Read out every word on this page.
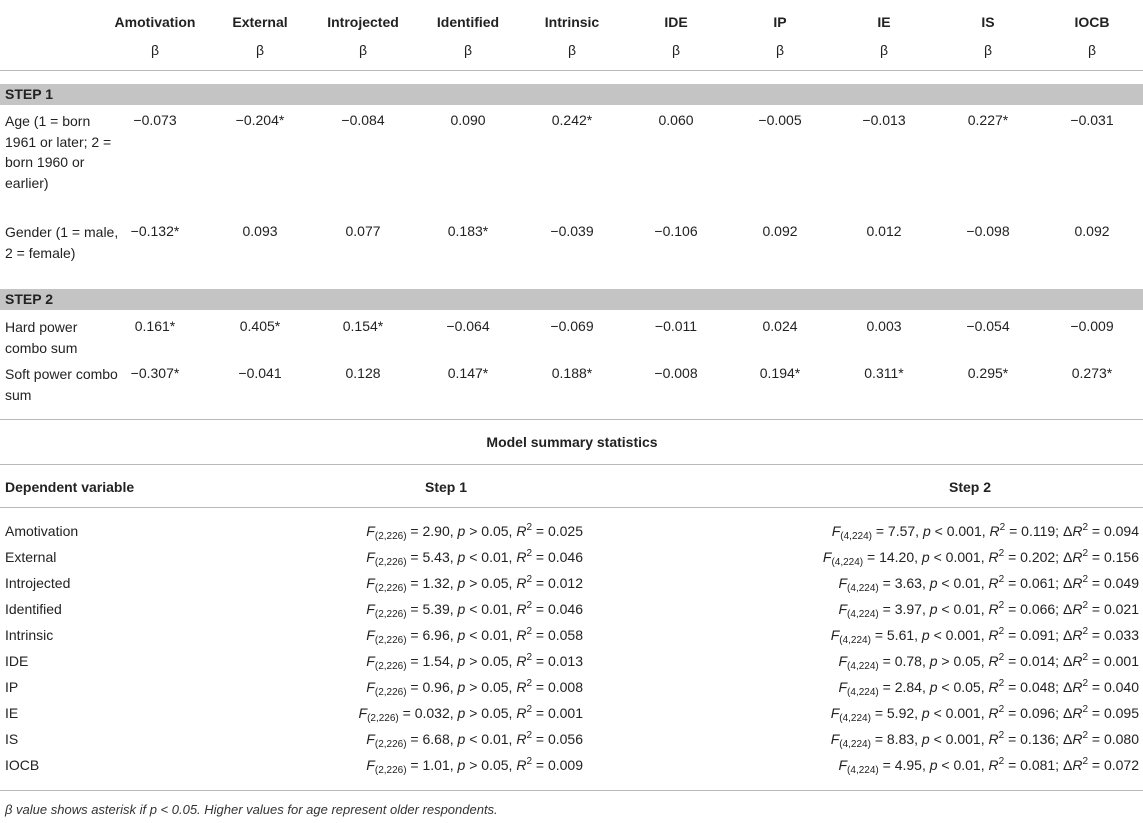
Amotivation	External	Introjected	Identified	Intrinsic	IDE	IP	IE	IS	IOCB
β	β	β	β	β	β	β	β	β	β
STEP 1
Age (1 = born 1961 or later; 2 = born 1960 or earlier)
−0.073	−0.204*	−0.084	0.090	0.242*	0.060	−0.005	−0.013	0.227*	−0.031
Gender (1 = male, 2 = female)
−0.132*	0.093	0.077	0.183*	−0.039	−0.106	0.092	0.012	−0.098	0.092
STEP 2
Hard power combo sum
0.161*	0.405*	0.154*	−0.064	−0.069	−0.011	0.024	0.003	−0.054	−0.009
Soft power combo sum
−0.307*	−0.041	0.128	0.147*	0.188*	−0.008	0.194*	0.311*	0.295*	0.273*
Model summary statistics
Dependent variable	Step 1	Step 2
Amotivation	$F_{(2,226)} = 2.90$, p > 0.05, $R^2 = 0.025$	$F_{(4,224)} = 7.57$, p < 0.001, $R^2 = 0.119$; $\Delta R^2 = 0.094$
External	$F_{(2,226)} = 5.43$, p < 0.01, $R^2 = 0.046$	$F_{(4,224)} = 14.20$, p < 0.001, $R^2 = 0.202$; $\Delta R^2 = 0.156$
Introjected	$F_{(2,226)} = 1.32$, p > 0.05, $R^2 = 0.012$	$F_{(4,224)} = 3.63$, p < 0.01, $R^2 = 0.061$; $\Delta R^2 = 0.049$
Identified	$F_{(2,226)} = 5.39$, p < 0.01, $R^2 = 0.046$	$F_{(4,224)} = 3.97$, p < 0.01, $R^2 = 0.066$; $\Delta R^2 = 0.021$
Intrinsic	$F_{(2,226)} = 6.96$, p < 0.01, $R^2 = 0.058$	$F_{(4,224)} = 5.61$, p < 0.001, $R^2 = 0.091$; $\Delta R^2 = 0.033$
IDE	$F_{(2,226)} = 1.54$, p > 0.05, $R^2 = 0.013$	$F_{(4,224)} = 0.78$, p > 0.05, $R^2 = 0.014$; $\Delta R^2 = 0.001$
IP	$F_{(2,226)} = 0.96$, p > 0.05, $R^2 = 0.008$	$F_{(4,224)} = 2.84$, p < 0.05, $R^2 = 0.048$; $\Delta R^2 = 0.040$
IE	$F_{(2,226)} = 0.032$, p > 0.05, $R^2 = 0.001$	$F_{(4,224)} = 5.92$, p < 0.001, $R^2 = 0.096$; $\Delta R^2 = 0.095$
IS	$F_{(2,226)} = 6.68$, p < 0.01, $R^2 = 0.056$	$F_{(4,224)} = 8.83$, p < 0.001, $R^2 = 0.136$; $\Delta R^2 = 0.080$
IOCB	$F_{(2,226)} = 1.01$, p > 0.05, $R^2 = 0.009$	$F_{(4,224)} = 4.95$, p < 0.01, $R^2 = 0.081$; $\Delta R^2 = 0.072$
β value shows asterisk if p < 0.05. Higher values for age represent older respondents.
